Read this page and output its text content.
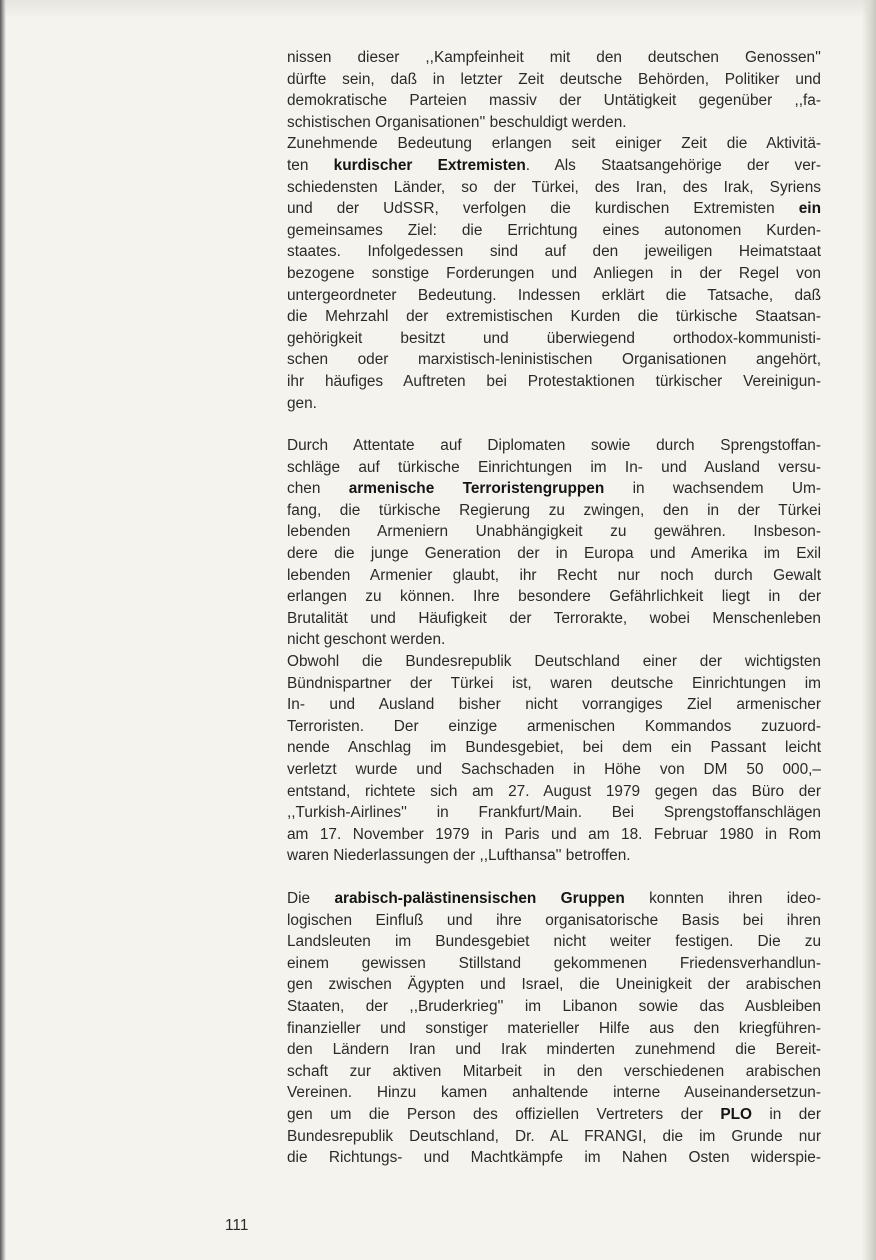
nissen dieser ,,Kampfeinheit mit den deutschen Genossen''
dürfte sein, daß in letzter Zeit deutsche Behörden, Politiker und
demokratische Parteien massiv der Untätigkeit gegenüber ,,fa-
schistischen Organisationen'' beschuldigt werden.

Zunehmende Bedeutung erlangen seit einiger Zeit die Aktivitä-
ten kurdischer Extremisten. Als Staatsangehörige der ver-
schiedensten Länder, so der Türkei, des Iran, des Irak, Syriens
und der UdSSR, verfolgen die kurdischen Extremisten ein
gemeinsames Ziel: die Errichtung eines autonomen Kurden-
staates. Infolgedessen sind auf den jeweiligen Heimatstaat
bezogene sonstige Forderungen und Anliegen in der Regel von
untergeordneter Bedeutung. Indessen erklärt die Tatsache, daß
die Mehrzahl der extremistischen Kurden die türkische Staatsan-
gehörigkeit besitzt und überwiegend orthodox-kommunisti-
schen oder marxistisch-leninistischen Organisationen angehört,
ihr häufiges Auftreten bei Protestaktionen türkischer Vereinigun-
gen.

Durch Attentate auf Diplomaten sowie durch Sprengstoffan-
schläge auf türkische Einrichtungen im In- und Ausland versu-
chen armenische Terroristengruppen in wachsendem Um-
fang, die türkische Regierung zu zwingen, den in der Türkei
lebenden Armeniern Unabhängigkeit zu gewähren. Insbeson-
dere die junge Generation der in Europa und Amerika im Exil
lebenden Armenier glaubt, ihr Recht nur noch durch Gewalt
erlangen zu können. Ihre besondere Gefährlichkeit liegt in der
Brutalität und Häufigkeit der Terrorakte, wobei Menschenleben
nicht geschont werden.

Obwohl die Bundesrepublik Deutschland einer der wichtigsten
Bündnispartner der Türkei ist, waren deutsche Einrichtungen im
In- und Ausland bisher nicht vorrangiges Ziel armenischer
Terroristen. Der einzige armenischen Kommandos zuzuord-
nende Anschlag im Bundesgebiet, bei dem ein Passant leicht
verletzt wurde und Sachschaden in Höhe von DM 50 000,–
entstand, richtete sich am 27. August 1979 gegen das Büro der
,,Turkish-Airlines'' in Frankfurt/Main. Bei Sprengstoffanschlägen
am 17. November 1979 in Paris und am 18. Februar 1980 in Rom
waren Niederlassungen der ,,Lufthansa'' betroffen.

Die arabisch-palästinensischen Gruppen konnten ihren ideo-
logischen Einfluß und ihre organisatorische Basis bei ihren
Landsleuten im Bundesgebiet nicht weiter festigen. Die zu
einem gewissen Stillstand gekommenen Friedensverhandlun-
gen zwischen Ägypten und Israel, die Uneinigkeit der arabischen
Staaten, der ,,Bruderkrieg'' im Libanon sowie das Ausbleiben
finanzieller und sonstiger materieller Hilfe aus den kriegführen-
den Ländern Iran und Irak minderten zunehmend die Bereit-
schaft zur aktiven Mitarbeit in den verschiedenen arabischen
Vereinen. Hinzu kamen anhaltende interne Auseinandersetzun-
gen um die Person des offiziellen Vertreters der PLO in der
Bundesrepublik Deutschland, Dr. AL FRANGI, die im Grunde nur
die Richtungs- und Machtkämpfe im Nahen Osten widerspie-

111
